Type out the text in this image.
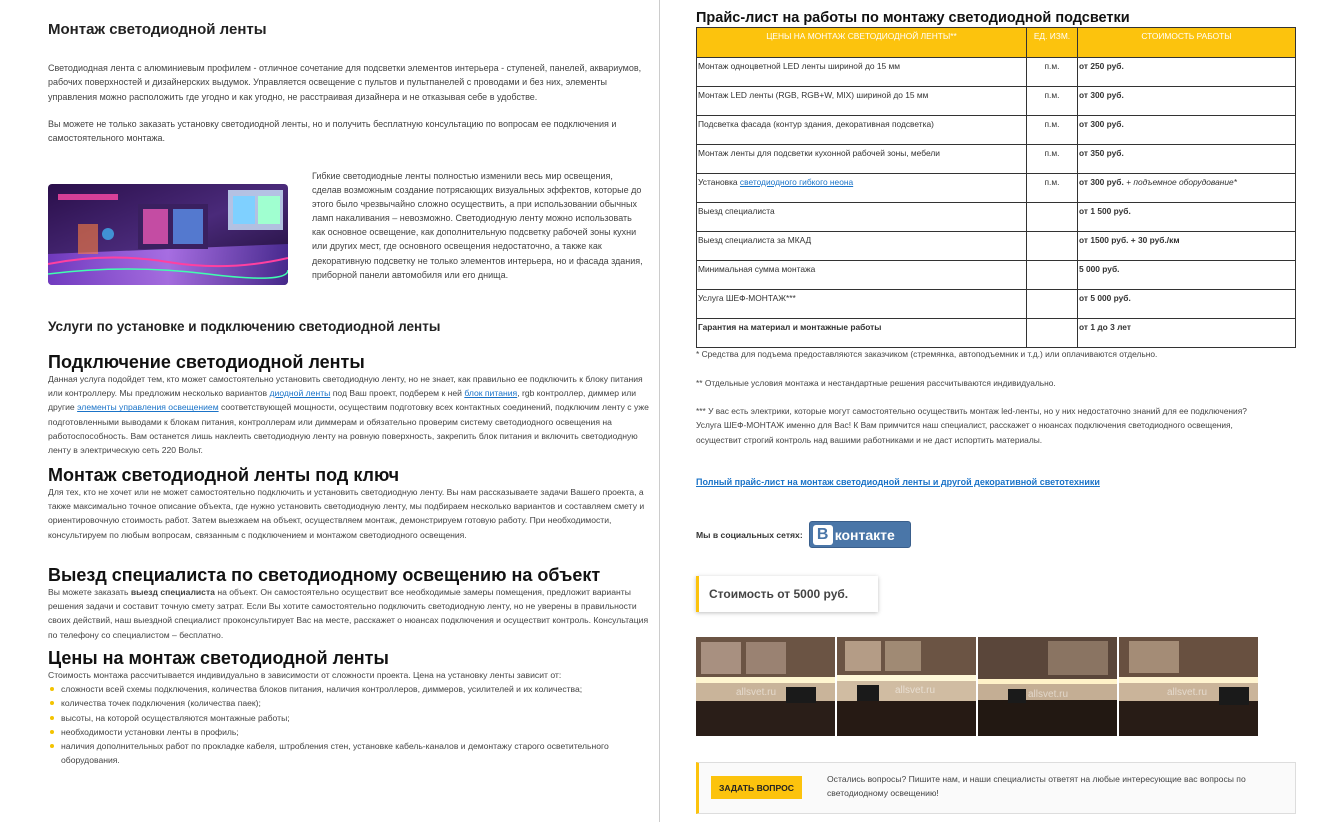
Монтаж светодиодной ленты

Светодиодная лента с алюминиевым профилем - отличное сочетание для подсветки элементов интерьера - ступеней, панелей, аквариумов, рабочих поверхностей и дизайнерских выдумок. Управляется освещение с пультов и пультпанелей с проводами и без них, элементы управления можно расположить где угодно и как угодно, не расстраивая дизайнера и не отказывая себе в удобстве.

Вы можете не только заказать установку светодиодной ленты, но и получить бесплатную консультацию по вопросам ее подключения и самостоятельного монтажа.

Гибкие светодиодные ленты полностью изменили весь мир освещения, сделав возможным создание потрясающих визуальных эффектов, которые до этого было чрезвычайно сложно осуществить, а при использовании обычных ламп накаливания – невозможно. Светодиодную ленту можно использовать как основное освещение, как дополнительную подсветку рабочей зоны кухни или других мест, где основного освещения недостаточно, а также как декоративную подсветку не только элементов интерьера, но и фасада здания, приборной панели автомобиля или его днища.

Услуги по установке и подключению светодиодной ленты
Подключение светодиодной ленты

Данная услуга подойдет тем, кто может самостоятельно установить светодиодную ленту, но не знает, как правильно ее подключить к блоку питания или контроллеру. Мы предложим несколько вариантов диодной ленты под Ваш проект, подберем к ней блок питания, rgb контроллер, диммер или другие элементы управления освещением соответствующей мощности, осуществим подготовку всех контактных соединений, подключим ленту с уже подготовленными выводами к блокам питания, контроллерам или диммерам и обязательно проверим систему светодиодного освещения на работоспособность. Вам останется лишь наклеить светодиодную ленту на ровную поверхность, закрепить блок питания и включить светодиодную ленту в электрическую сеть 220 Вольт.

Монтаж светодиодной ленты под ключ

Для тех, кто не хочет или не может самостоятельно подключить и установить светодиодную ленту. Вы нам рассказываете задачи Вашего проекта, а также максимально точное описание объекта, где нужно установить светодиодную ленту, мы подбираем несколько вариантов и составляем смету и ориентировочную стоимость работ. Затем выезжаем на объект, осуществляем монтаж, демонстрируем готовую работу. При необходимости, консультируем по любым вопросам, связанным с подключением и монтажом светодиодного освещения.

Выезд специалиста по светодиодному освещению на объект

Вы можете заказать выезд специалиста на объект. Он самостоятельно осуществит все необходимые замеры помещения, предложит варианты решения задачи и составит точную смету затрат. Если Вы хотите самостоятельно подключить светодиодную ленту, но не уверены в правильности своих действий, наш выездной специалист проконсультирует Вас на месте, расскажет о нюансах подключения и осуществит контроль. Консультация по телефону со специалистом – бесплатно.

Цены на монтаж светодиодной ленты

Стоимость монтажа рассчитывается индивидуально в зависимости от сложности проекта. Цена на установку ленты зависит от:

сложности всей схемы подключения, количества блоков питания, наличия контроллеров, диммеров, усилителей и их количества;
количества точек подключения (количества паек);
высоты, на которой осуществляются монтажные работы;
необходимости установки ленты в профиль;
наличия дополнительных работ по прокладке кабеля, штробления стен, установке кабель-каналов и демонтажу старого осветительного оборудования.
Прайс-лист на работы по монтажу светодиодной подсветки
ЦЕНЫ НА МОНТАЖ СВЕТОДИОДНОЙ ЛЕНТЫ**	ЕД. ИЗМ.	СТОИМОСТЬ РАБОТЫ
Монтаж одноцветной LED ленты шириной до 15 мм	п.м.	от 250 руб.
Монтаж LED ленты (RGB, RGB+W, MIX) шириной до 15 мм	п.м.	от 300 руб.
Подсветка фасада (контур здания, декоративная подсветка)	п.м.	от 300 руб.
Монтаж ленты для подсветки кухонной рабочей зоны, мебели	п.м.	от 350 руб.
Установка светодиодного гибкого неона	п.м.	от 300 руб. + подъемное оборудование*
Выезд специалиста		от 1 500 руб.
Выезд специалиста за МКАД		от 1500 руб. + 30 руб./км
Минимальная сумма монтажа		5 000 руб.
Услуга ШЕФ-МОНТАЖ***		от 5 000 руб.
Гарантия на материал и монтажные работы		от 1 до 3 лет

* Средства для подъема предоставляются заказчиком (стремянка, автоподъемник и т.д.) или оплачиваются отдельно.

** Отдельные условия монтажа и нестандартные решения рассчитываются индивидуально.

*** У вас есть электрики, которые могут самостоятельно осуществить монтаж led-ленты, но у них недостаточно знаний для ее подключения? Услуга ШЕФ-МОНТАЖ именно для Вас! К Вам примчится наш специалист, расскажет о нюансах подключения светодиодного освещения, осуществит строгий контроль над вашими работниками и не даст испортить материалы.

Полный прайс-лист на монтаж светодиодной ленты и другой декоративной светотехники
Мы в социальных сетях: В контакте
Стоимость от 5000 руб.
allsvet.ru	allsvet.ru	allsvet.ru	allsvet.ru
ЗАДАТЬ ВОПРОС
Остались вопросы? Пишите нам, и наши специалисты ответят на любые интересующие вас вопросы по светодиодному освещению!
